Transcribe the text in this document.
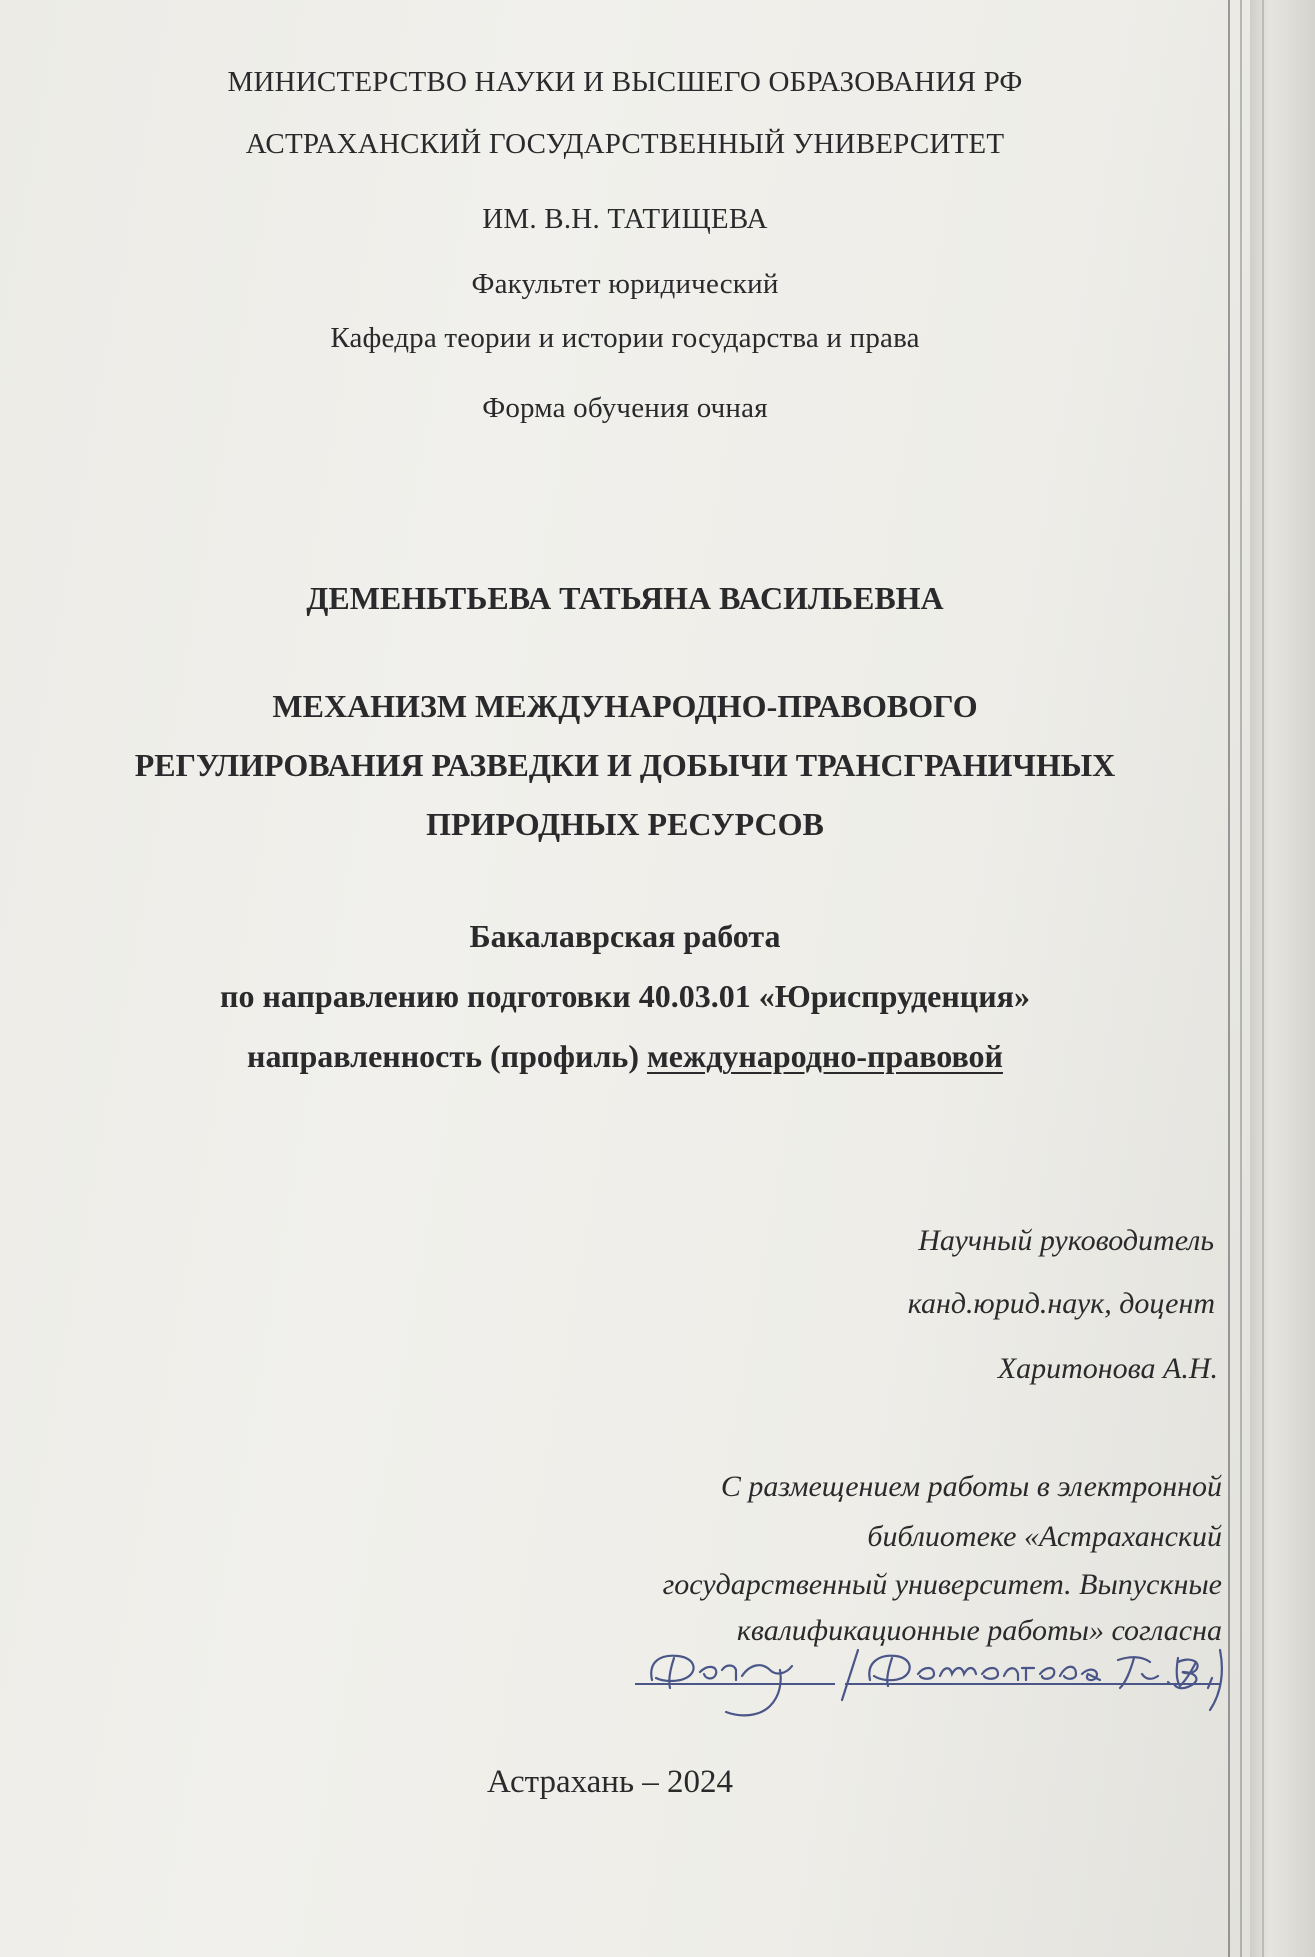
МИНИСТЕРСТВО НАУКИ И ВЫСШЕГО ОБРАЗОВАНИЯ РФ
АСТРАХАНСКИЙ ГОСУДАРСТВЕННЫЙ УНИВЕРСИТЕТ
ИМ. В.Н. ТАТИЩЕВА
Факультет юридический
Кафедра теории и истории государства и права
Форма обучения очная
ДЕМЕНЬТЬЕВА ТАТЬЯНА ВАСИЛЬЕВНА
МЕХАНИЗМ МЕЖДУНАРОДНО-ПРАВОВОГО
РЕГУЛИРОВАНИЯ РАЗВЕДКИ И ДОБЫЧИ ТРАНСГРАНИЧНЫХ
ПРИРОДНЫХ РЕСУРСОВ
Бакалаврская работа
по направлению подготовки 40.03.01 «Юриспруденция»
направленность (профиль) международно-правовой
Научный руководитель
канд.юрид.наук, доцент
Харитонова А.Н.
С размещением работы в электронной
библиотеке «Астраханский
государственный университет. Выпускные
квалификационные работы» согласна
Астрахань – 2024
